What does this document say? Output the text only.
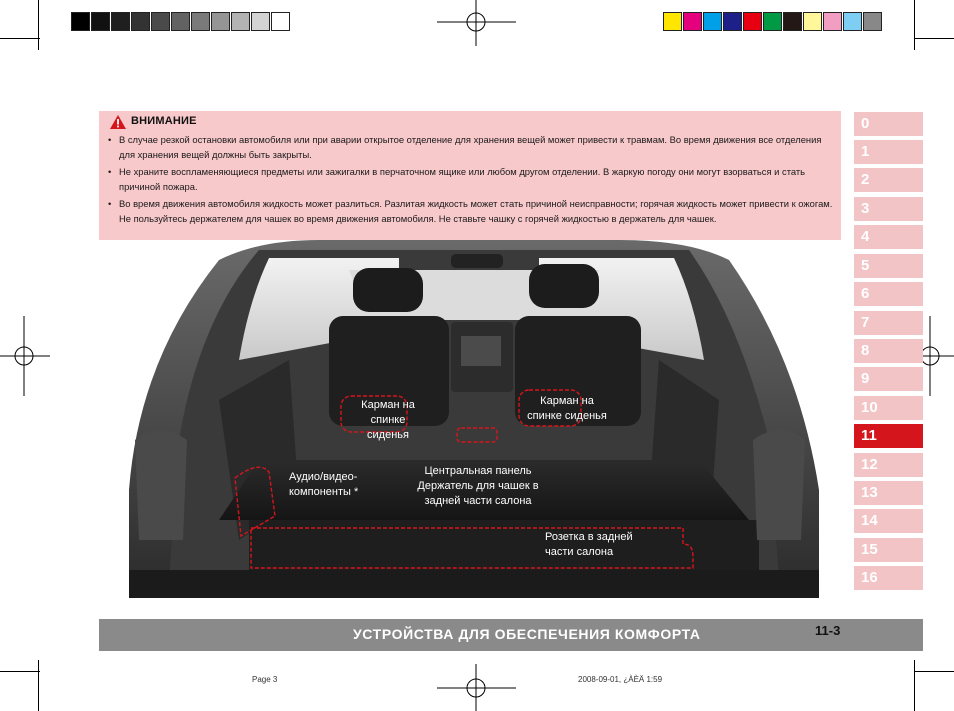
ВНИМАНИЕ
• В случае резкой остановки автомобиля или при аварии открытое отделение для хранения вещей может привести к травмам. Во время движения все отделения для хранения вещей должны быть закрыты.
• Не храните воспламеняющиеся предметы или зажигалки в перчаточном ящике или любом другом отделении. В жаркую погоду они могут взорваться и стать причиной пожара.
• Во время движения автомобиля жидкость может разлиться. Разлитая жидкость может стать причиной неисправности; горячая жидкость может привести к ожогам. Не пользуйтесь держателем для чашек во время движения автомобиля. Не ставьте чашку с горячей жидкостью в держатель для чашек.
0
1
2
3
4
5
6
7
8
9
10
11
12
13
14
15
16
Карман на спинке сиденья
Карман на спинке сиденья
Аудио/видео-компоненты *
Центральная панель Держатель для чашек в задней части салона
Розетка в задней части салона
УСТРОЙСТВА ДЛЯ ОБЕСПЕЧЕНИЯ КОМФОРТА	11-3
Page 3	2008-09-01, ¿ÀÈÄ 1:59
